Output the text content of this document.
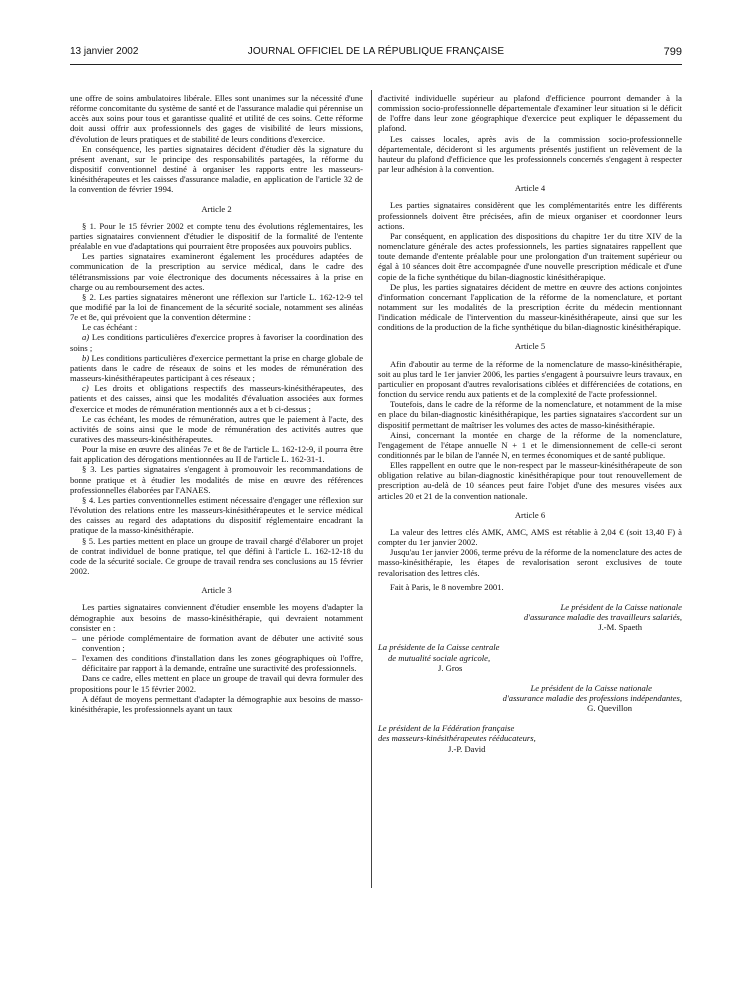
13 janvier 2002	JOURNAL OFFICIEL DE LA RÉPUBLIQUE FRANÇAISE	799

une offre de soins ambulatoires libérale. Elles sont unanimes sur la nécessité d'une réforme concomitante du système de santé et de l'assurance maladie qui pérennise un accès aux soins pour tous et garantisse qualité et utilité de ces soins. Cette réforme doit aussi offrir aux professionnels des gages de visibilité de leurs missions, d'évolution de leurs pratiques et de stabilité de leurs conditions d'exercice.

En conséquence, les parties signataires décident d'étudier dès la signature du présent avenant, sur le principe des responsabilités partagées, la réforme du dispositif conventionnel destiné à organiser les rapports entre les masseurs-kinésithérapeutes et les caisses d'assurance maladie, en application de l'article 32 de la convention de février 1994.

Article 2

§ 1. Pour le 15 février 2002 et compte tenu des évolutions réglementaires, les parties signataires conviennent d'étudier le dispositif de la formalité de l'entente préalable en vue d'adaptations qui pourraient être proposées aux pouvoirs publics.

Les parties signataires examineront également les procédures adaptées de communication de la prescription au service médical, dans le cadre des télétransmissions par voie électronique des documents nécessaires à la prise en charge ou au remboursement des actes.

§ 2. Les parties signataires mèneront une réflexion sur l'article L. 162-12-9 tel que modifié par la loi de financement de la sécurité sociale, notamment ses alinéas 7e et 8e, qui prévoient que la convention détermine :

Le cas échéant :

a) Les conditions particulières d'exercice propres à favoriser la coordination des soins ;

b) Les conditions particulières d'exercice permettant la prise en charge globale de patients dans le cadre de réseaux de soins et les modes de rémunération des masseurs-kinésithérapeutes participant à ces réseaux ;

c) Les droits et obligations respectifs des masseurs-kinésithérapeutes, des patients et des caisses, ainsi que les modalités d'évaluation associées aux formes d'exercice et modes de rémunération mentionnés aux a et b ci-dessus ;

Le cas échéant, les modes de rémunération, autres que le paiement à l'acte, des activités de soins ainsi que le mode de rémunération des activités autres que curatives des masseurs-kinésithérapeutes.

Pour la mise en œuvre des alinéas 7e et 8e de l'article L. 162-12-9, il pourra être fait application des dérogations mentionnées au II de l'article L. 162-31-1.

§ 3. Les parties signataires s'engagent à promouvoir les recommandations de bonne pratique et à étudier les modalités de mise en œuvre des références professionnelles élaborées par l'ANAES.

§ 4. Les parties conventionnelles estiment nécessaire d'engager une réflexion sur l'évolution des relations entre les masseurs-kinésithérapeutes et le service médical des caisses au regard des adaptations du dispositif réglementaire encadrant la pratique de la masso-kinésithérapie.

§ 5. Les parties mettent en place un groupe de travail chargé d'élaborer un projet de contrat individuel de bonne pratique, tel que défini à l'article L. 162-12-18 du code de la sécurité sociale. Ce groupe de travail rendra ses conclusions au 15 février 2002.

Article 3

Les parties signataires conviennent d'étudier ensemble les moyens d'adapter la démographie aux besoins de masso-kinésithérapie, qui devraient notamment consister en :

– une période complémentaire de formation avant de débuter une activité sous convention ;
– l'examen des conditions d'installation dans les zones géographiques où l'offre, déficitaire par rapport à la demande, entraîne une suractivité des professionnels.

Dans ce cadre, elles mettent en place un groupe de travail qui devra formuler des propositions pour le 15 février 2002.

A défaut de moyens permettant d'adapter la démographie aux besoins de masso-kinésithérapie, les professionnels ayant un taux

d'activité individuelle supérieur au plafond d'efficience pourront demander à la commission socio-professionnelle départementale d'examiner leur situation si le déficit de l'offre dans leur zone géographique d'exercice peut expliquer le dépassement du plafond.

Les caisses locales, après avis de la commission socio-professionnelle départementale, décideront si les arguments présentés justifient un relèvement de la hauteur du plafond d'efficience que les professionnels concernés s'engagent à respecter par leur adhésion à la convention.

Article 4

Les parties signataires considèrent que les complémentarités entre les différents professionnels doivent être précisées, afin de mieux organiser et coordonner leurs actions.

Par conséquent, en application des dispositions du chapitre 1er du titre XIV de la nomenclature générale des actes professionnels, les parties signataires rappellent que toute demande d'entente préalable pour une prolongation d'un traitement supérieur ou égal à 10 séances doit être accompagnée d'une nouvelle prescription médicale et d'une copie de la fiche synthétique du bilan-diagnostic kinésithérapique.

De plus, les parties signataires décident de mettre en œuvre des actions conjointes d'information concernant l'application de la réforme de la nomenclature, et portant notamment sur les modalités de la prescription écrite du médecin mentionnant l'indication médicale de l'intervention du masseur-kinésithérapeute, ainsi que sur les conditions de la production de la fiche synthétique du bilan-diagnostic kinésithérapique.

Article 5

Afin d'aboutir au terme de la réforme de la nomenclature de masso-kinésithérapie, soit au plus tard le 1er janvier 2006, les parties s'engagent à poursuivre leurs travaux, en particulier en proposant d'autres revalorisations ciblées et différenciées de cotations, en fonction du service rendu aux patients et de la complexité de l'acte professionnel.

Toutefois, dans le cadre de la réforme de la nomenclature, et notamment de la mise en place du bilan-diagnostic kinésithérapique, les parties signataires s'accordent sur un dispositif permettant de maîtriser les volumes des actes de masso-kinésithérapie.

Ainsi, concernant la montée en charge de la réforme de la nomenclature, l'engagement de l'étape annuelle N + 1 et le dimensionnement de celle-ci seront conditionnés par le bilan de l'année N, en termes économiques et de santé publique.

Elles rappellent en outre que le non-respect par le masseur-kinésithérapeute de son obligation relative au bilan-diagnostic kinésithérapique pour tout renouvellement de prescription au-delà de 10 séances peut faire l'objet d'une des mesures visées aux articles 20 et 21 de la convention nationale.

Article 6

La valeur des lettres clés AMK, AMC, AMS est rétablie à 2,04 € (soit 13,40 F) à compter du 1er janvier 2002.

Jusqu'au 1er janvier 2006, terme prévu de la réforme de la nomenclature des actes de masso-kinésithérapie, les étapes de revalorisation seront exclusives de toute revalorisation des lettres clés.

Fait à Paris, le 8 novembre 2001.

Le président de la Caisse nationale
d'assurance maladie des travailleurs salariés,
J.-M. Spaeth
La présidente de la Caisse centrale
de mutualité sociale agricole,
J. Gros
Le président de la Caisse nationale
d'assurance maladie des professions indépendantes,
G. Quevillon
Le président de la Fédération française
des masseurs-kinésithérapeutes rééducateurs,
J.-P. David
